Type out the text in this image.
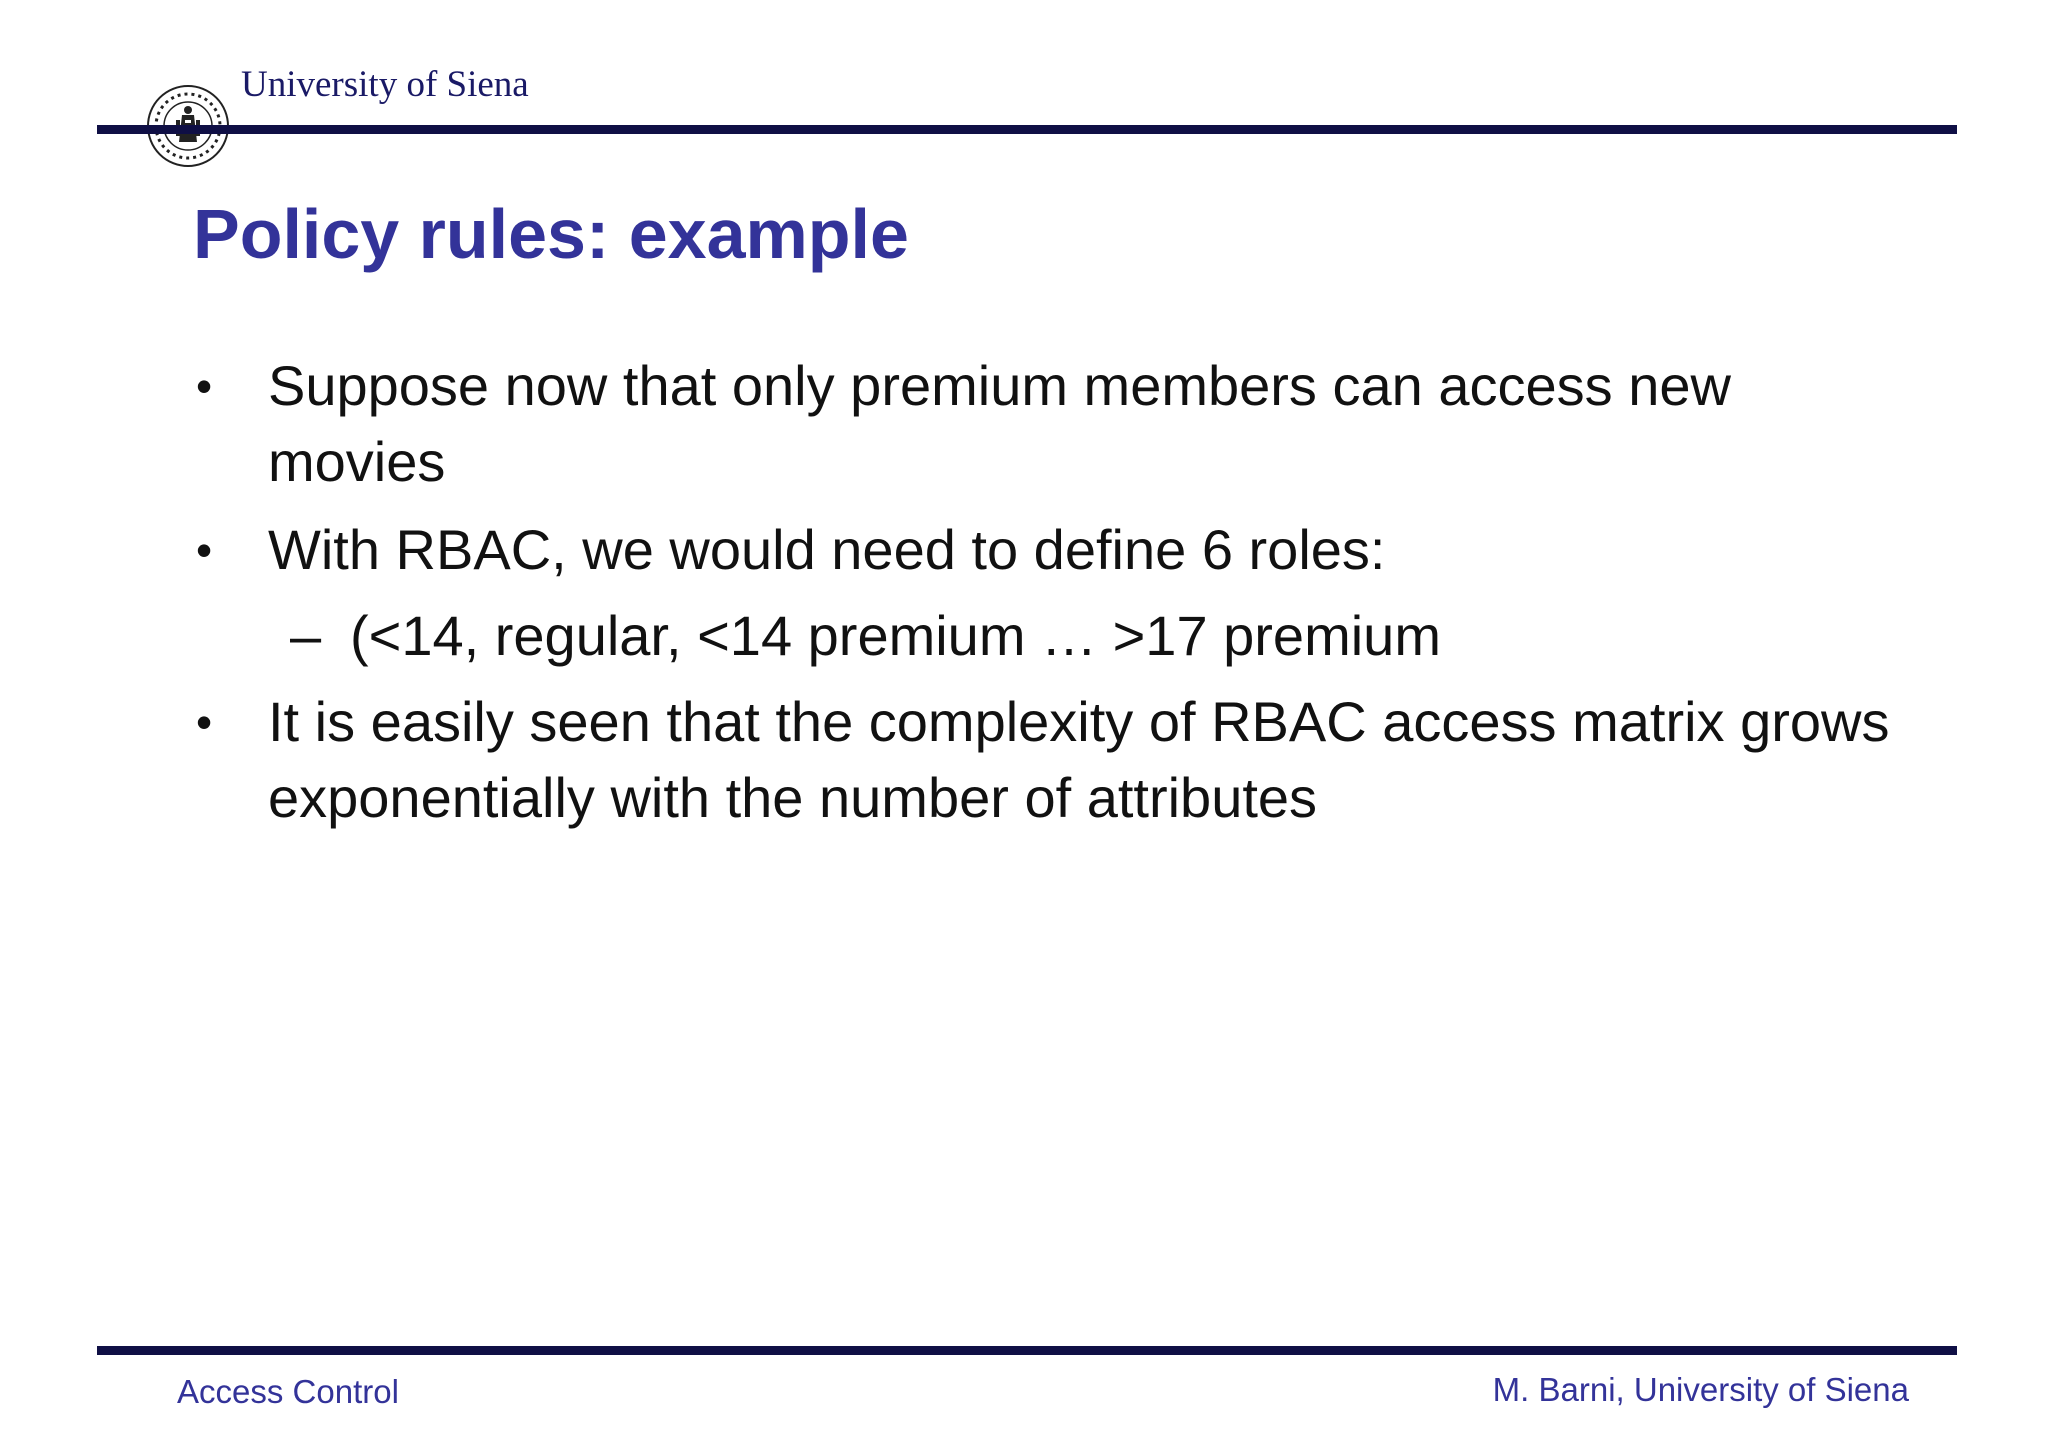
University of Siena
Policy rules: example
• Suppose now that only premium members can access new movies
• With RBAC, we would need to define 6 roles:
– (<14, regular, <14 premium … >17 premium
• It is easily seen that the complexity of RBAC access matrix grows exponentially with the number of attributes
Access Control	M. Barni, University of Siena
